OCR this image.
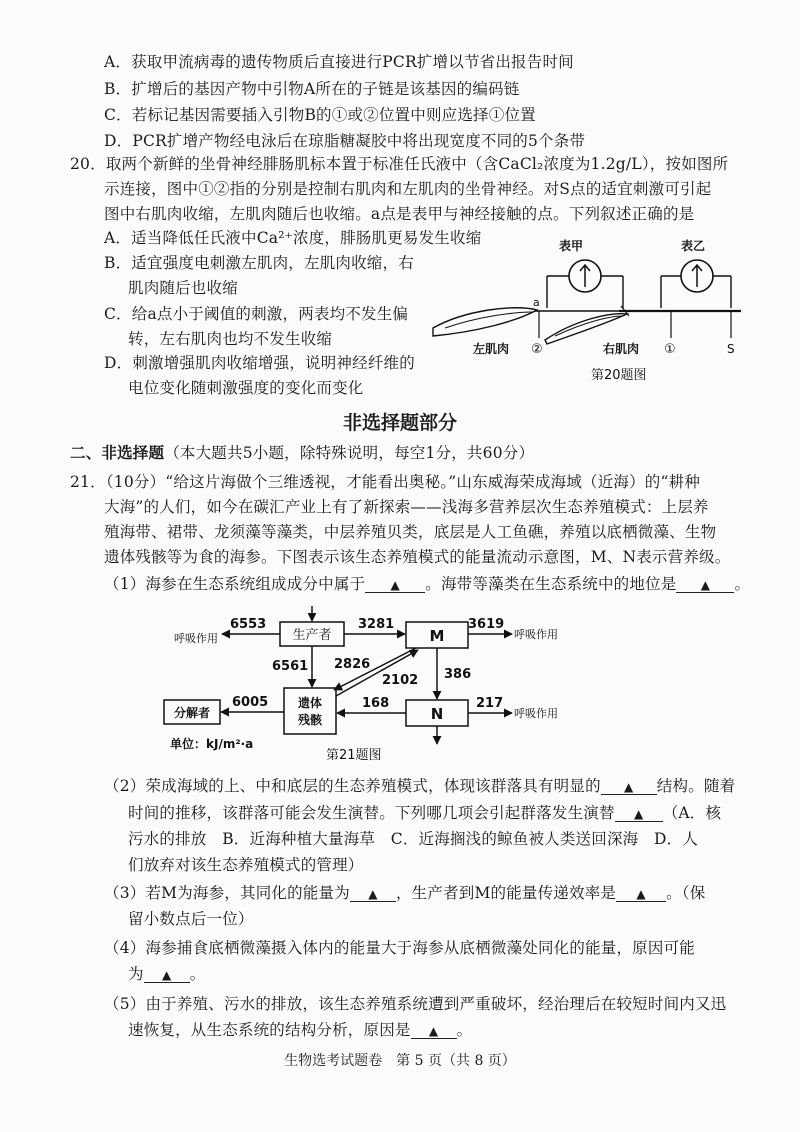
A．获取甲流病毒的遗传物质后直接进行PCR扩增以节省出报告时间
B．扩增后的基因产物中引物A所在的子链是该基因的编码链
C．若标记基因需要插入引物B的①或②位置中则应选择①位置
D．PCR扩增产物经电泳后在琼脂糖凝胶中将出现宽度不同的5个条带
20．取两个新鲜的坐骨神经腓肠肌标本置于标准任氏液中（含CaCl₂浓度为1.2g/L），按如图所
示连接，图中①②指的分别是控制右肌肉和左肌肉的坐骨神经。对S点的适宜刺激可引起
图中右肌肉收缩，左肌肉随后也收缩。a点是表甲与神经接触的点。下列叙述正确的是
A．适当降低任氏液中Ca²⁺浓度，腓肠肌更易发生收缩
B．适宜强度电刺激左肌肉，左肌肉收缩，右
肌肉随后也收缩
C．给a点小于阈值的刺激，两表均不发生偏
转，左右肌肉也均不发生收缩
D．刺激增强肌肉收缩增强，说明神经纤维的
电位变化随刺激强度的变化而变化
表甲	表乙
a
左肌肉 ②	右肌肉 ①	S
第20题图
非选择题部分
二、非选择题（本大题共5小题，除特殊说明，每空1分，共60分）
21．（10分）“给这片海做个三维透视，才能看出奥秘。”山东威海荣成海域（近海）的“耕种
大海”的人们，如今在碳汇产业上有了新探索——浅海多营养层次生态养殖模式：上层养
殖海带、裙带、龙须藻等藻类，中层养殖贝类，底层是人工鱼礁，养殖以底栖微藻、生物
遗体残骸等为食的海参。下图表示该生态养殖模式的能量流动示意图，M、N表示营养级。
（1）海参在生态系统组成成分中属于 ▲ 。海带等藻类在生态系统中的地位是 ▲ 。
生产者	M
N
遗体
残骸
分解者
呼吸作用
6553	3281	3619
呼吸作用
6561 2826
2102 386
168	217
呼吸作用
6005
单位：kJ/m²·a
第21题图
（2）荣成海域的上、中和底层的生态养殖模式，体现该群落具有明显的 ▲ 结构。随着
时间的推移，该群落可能会发生演替。下列哪几项会引起群落发生演替 ▲ （A．核
污水的排放　B．近海种植大量海草　C．近海搁浅的鲸鱼被人类送回深海　D．人
们放弃对该生态养殖模式的管理）
（3）若M为海参，其同化的能量为 ▲ ，生产者到M的能量传递效率是 ▲ 。（保
留小数点后一位）
（4）海参捕食底栖微藻摄入体内的能量大于海参从底栖微藻处同化的能量，原因可能
为 ▲ 。
（5）由于养殖、污水的排放，该生态养殖系统遭到严重破坏，经治理后在较短时间内又迅
速恢复，从生态系统的结构分析，原因是 ▲ 。
生物选考试题卷　第 5 页（共 8 页）
